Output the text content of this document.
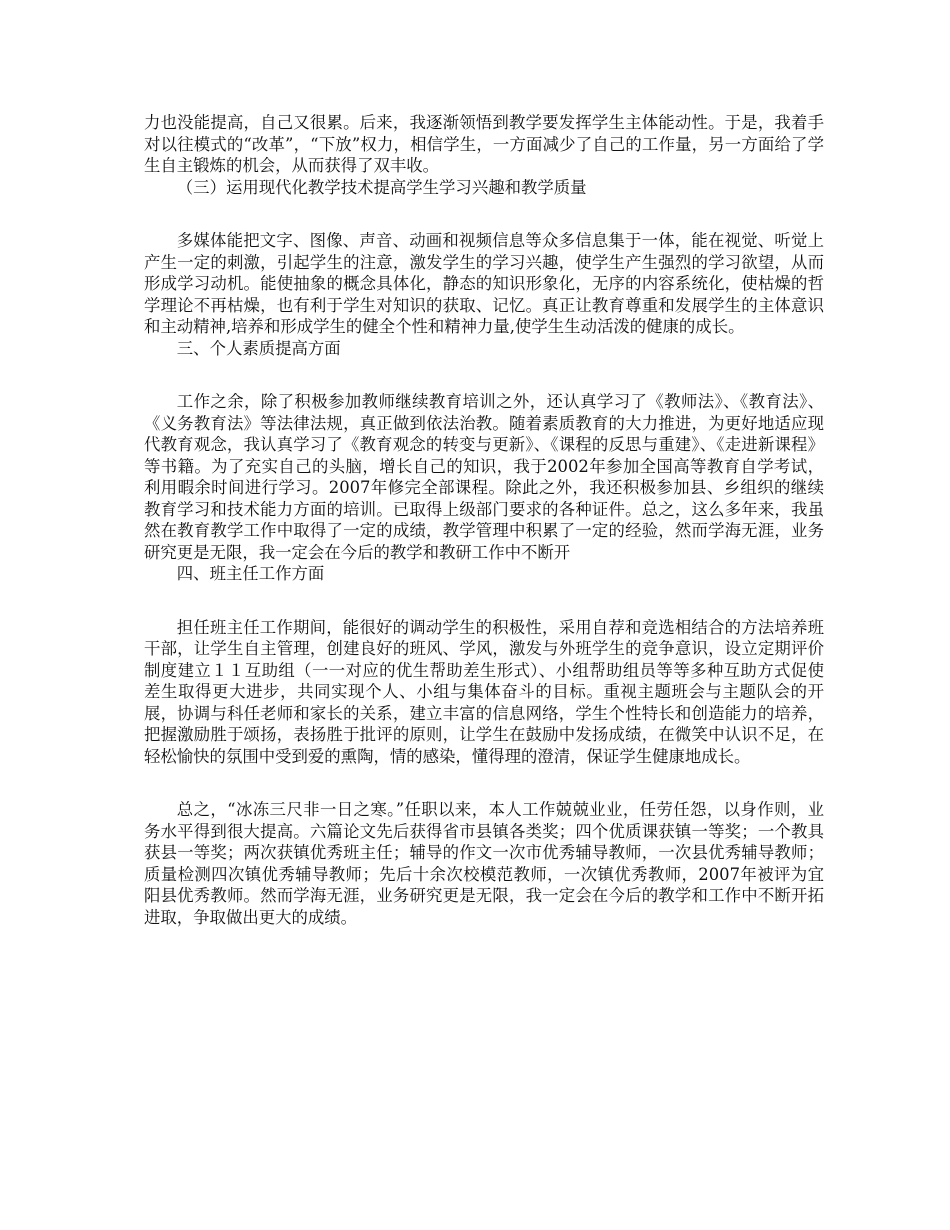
力也没能提高，自己又很累。后来，我逐渐领悟到教学要发挥学生主体能动性。于是，我着手对以往模式的“改革”，“下放”权力，相信学生，一方面减少了自己的工作量，另一方面给了学生自主锻炼的机会，从而获得了双丰收。

（三）运用现代化教学技术提高学生学习兴趣和教学质量

多媒体能把文字、图像、声音、动画和视频信息等众多信息集于一体，能在视觉、听觉上产生一定的刺激，引起学生的注意，激发学生的学习兴趣，使学生产生强烈的学习欲望，从而形成学习动机。能使抽象的概念具体化，静态的知识形象化，无序的内容系统化，使枯燥的哲学理论不再枯燥，也有利于学生对知识的获取、记忆。真正让教育尊重和发展学生的主体意识和主动精神,培养和形成学生的健全个性和精神力量,使学生生动活泼的健康的成长。

三、个人素质提高方面

工作之余，除了积极参加教师继续教育培训之外，还认真学习了《教师法》、《教育法》、《义务教育法》等法律法规，真正做到依法治教。随着素质教育的大力推进，为更好地适应现代教育观念，我认真学习了《教育观念的转变与更新》、《课程的反思与重建》、《走进新课程》等书籍。为了充实自己的头脑，增长自己的知识，我于2002年参加全国高等教育自学考试，利用暇余时间进行学习。2007年修完全部课程。除此之外，我还积极参加县、乡组织的继续教育学习和技术能力方面的培训。已取得上级部门要求的各种证件。总之，这么多年来，我虽然在教育教学工作中取得了一定的成绩，教学管理中积累了一定的经验，然而学海无涯，业务研究更是无限，我一定会在今后的教学和教研工作中不断开

四、班主任工作方面

担任班主任工作期间，能很好的调动学生的积极性，采用自荐和竞选相结合的方法培养班干部，让学生自主管理，创建良好的班风、学风，激发与外班学生的竞争意识，设立定期评价制度建立１１互助组（一一对应的优生帮助差生形式）、小组帮助组员等等多种互助方式促使差生取得更大进步，共同实现个人、小组与集体奋斗的目标。重视主题班会与主题队会的开展，协调与科任老师和家长的关系，建立丰富的信息网络，学生个性特长和创造能力的培养，把握激励胜于颂扬，表扬胜于批评的原则，让学生在鼓励中发扬成绩，在微笑中认识不足，在轻松愉快的氛围中受到爱的熏陶，情的感染，懂得理的澄清，保证学生健康地成长。

总之，“冰冻三尺非一日之寒。”任职以来，本人工作兢兢业业，任劳任怨，以身作则，业务水平得到很大提高。六篇论文先后获得省市县镇各类奖；四个优质课获镇一等奖；一个教具获县一等奖；两次获镇优秀班主任；辅导的作文一次市优秀辅导教师，一次县优秀辅导教师；质量检测四次镇优秀辅导教师；先后十余次校模范教师，一次镇优秀教师，2007年被评为宜阳县优秀教师。然而学海无涯，业务研究更是无限，我一定会在今后的教学和工作中不断开拓进取，争取做出更大的成绩。
